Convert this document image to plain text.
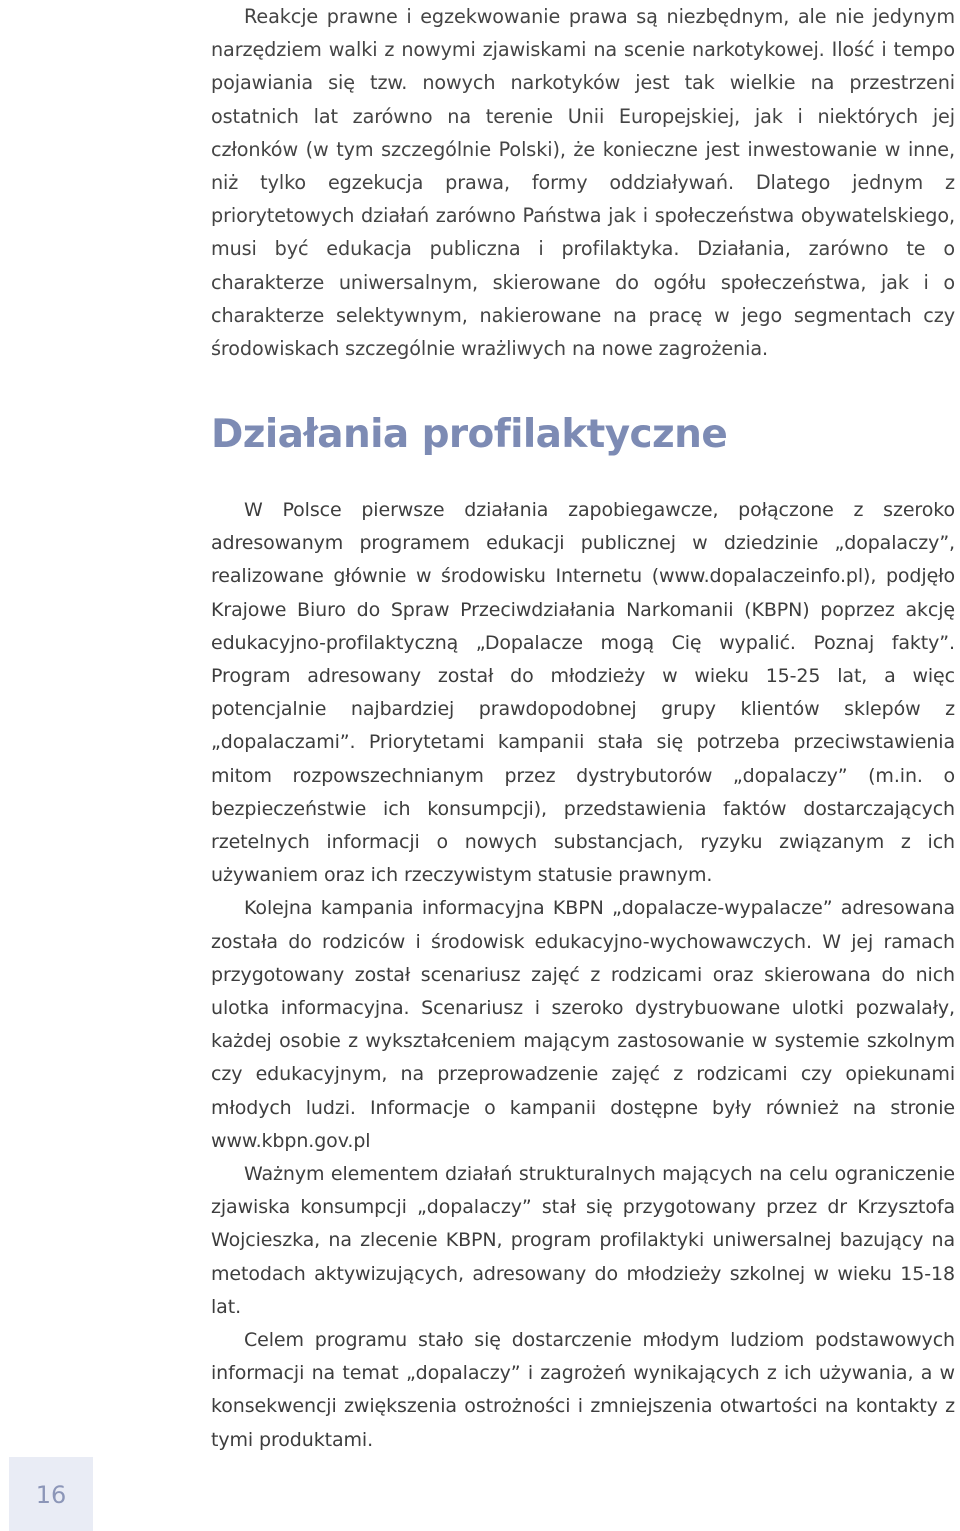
Reakcje prawne i egzekwowanie prawa są niezbędnym, ale nie jedynym narzędziem walki z nowymi zjawiskami na scenie narkotykowej. Ilość i tempo pojawiania się tzw. nowych narkotyków jest tak wielkie na przestrzeni ostatnich lat zarówno na terenie Unii Europejskiej, jak i niektórych jej członków (w tym szczególnie Polski), że konieczne jest inwestowanie w inne, niż tylko egzekucja prawa, formy oddziaływań. Dlatego jednym z priorytetowych działań zarówno Państwa jak i społeczeństwa obywatelskiego, musi być edukacja publiczna i profilaktyka. Działania, zarówno te o charakterze uniwersalnym, skierowane do ogółu społeczeństwa, jak i o charakterze selektywnym, nakierowane na pracę w jego segmentach czy środowiskach szczególnie wrażliwych na nowe zagrożenia.

Działania profilaktyczne

W Polsce pierwsze działania zapobiegawcze, połączone z szeroko adresowanym programem edukacji publicznej w dziedzinie „dopalaczy”, realizowane głównie w środowisku Internetu (www.dopalaczeinfo.pl), podjęło Krajowe Biuro do Spraw Przeciwdziałania Narkomanii (KBPN) poprzez akcję edukacyjno-profilaktyczną „Dopalacze mogą Cię wypalić. Poznaj fakty”. Program adresowany został do młodzieży w wieku 15-25 lat, a więc potencjalnie najbardziej prawdopodobnej grupy klientów sklepów z „dopalaczami”. Priorytetami kampanii stała się potrzeba przeciwstawienia mitom rozpowszechnianym przez dystrybutorów „dopalaczy” (m.in. o bezpieczeństwie ich konsumpcji), przedstawienia faktów dostarczających rzetelnych informacji o nowych substancjach, ryzyku związanym z ich używaniem oraz ich rzeczywistym statusie prawnym.

Kolejna kampania informacyjna KBPN „dopalacze-wypalacze” adresowana została do rodziców i środowisk edukacyjno-wychowawczych. W jej ramach przygotowany został scenariusz zajęć z rodzicami oraz skierowana do nich ulotka informacyjna. Scenariusz i szeroko dystrybuowane ulotki pozwalały, każdej osobie z wykształceniem mającym zastosowanie w systemie szkolnym czy edukacyjnym, na przeprowadzenie zajęć z rodzicami czy opiekunami młodych ludzi. Informacje o kampanii dostępne były również na stronie www.kbpn.gov.pl

Ważnym elementem działań strukturalnych mających na celu ograniczenie zjawiska konsumpcji „dopalaczy” stał się przygotowany przez dr Krzysztofa Wojcieszka, na zlecenie KBPN, program profilaktyki uniwersalnej bazujący na metodach aktywizujących, adresowany do młodzieży szkolnej w wieku 15-18 lat.

Celem programu stało się dostarczenie młodym ludziom podstawowych informacji na temat „dopalaczy” i zagrożeń wynikających z ich używania, a w konsekwencji zwiększenia ostrożności i zmniejszenia otwartości na kontakty z tymi produktami.

16
